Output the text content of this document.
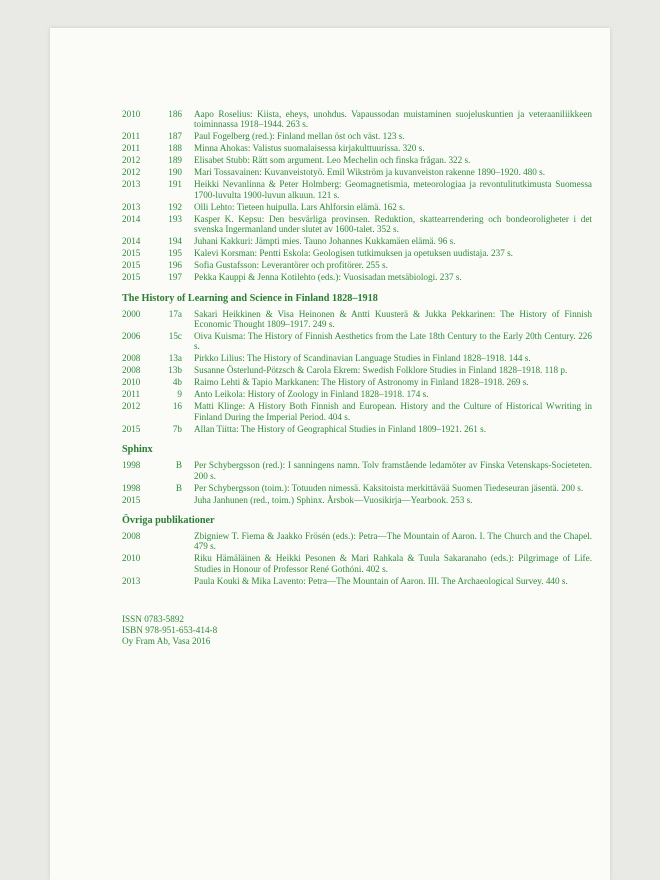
2010	186	Aapo Roselius: Kiista, eheys, unohdus. Vapaussodan muistaminen suojeluskuntien ja veteraaniliikkeen toiminnassa 1918–1944. 263 s.
2011	187	Paul Fogelberg (red.): Finland mellan öst och väst. 123 s.
2011	188	Minna Ahokas: Valistus suomalaisessa kirjakulttuurissa. 320 s.
2012	189	Elisabet Stubb: Rätt som argument. Leo Mechelin och finska frågan. 322 s.
2012	190	Mari Tossavainen: Kuvanveistotyö. Emil Wikström ja kuvanveiston rakenne 1890–1920. 480 s.
2013	191	Heikki Nevanlinna & Peter Holmberg: Geomagnetismia, meteorologiaa ja revontulitutkimusta Suomessa 1700-luvulta 1900-luvun alkuun. 121 s.
2013	192	Olli Lehto: Tieteen huipulla. Lars Ahlforsin elämä. 162 s.
2014	193	Kasper K. Kepsu: Den besvärliga provinsen. Reduktion, skattearrendering och bondeoroligheter i det svenska Ingermanland under slutet av 1600-talet. 352 s.
2014	194	Juhani Kakkuri: Jämpti mies. Tauno Johannes Kukkamäen elämä. 96 s.
2015	195	Kalevi Korsman: Pentti Eskola: Geologisen tutkimuksen ja opetuksen uudistaja. 237 s.
2015	196	Sofia Gustafsson: Leverantörer och profitörer. 255 s.
2015	197	Pekka Kauppi & Jenna Kotilehto (eds.): Vuosisadan metsäbiologi. 237 s.
The History of Learning and Science in Finland 1828–1918
2000	17a	Sakari Heikkinen & Visa Heinonen & Antti Kuusterä & Jukka Pekkarinen: The History of Finnish Economic Thought 1809–1917. 249 s.
2006	15c	Oiva Kuisma: The History of Finnish Aesthetics from the Late 18th Century to the Early 20th Century. 226 s.
2008	13a	Pirkko Lilius: The History of Scandinavian Language Studies in Finland 1828–1918. 144 s.
2008	13b	Susanne Österlund-Pötzsch & Carola Ekrem: Swedish Folklore Studies in Finland 1828–1918. 118 p.
2010	4b	Raimo Lehti & Tapio Markkanen: The History of Astronomy in Finland 1828–1918. 269 s.
2011	9	Anto Leikola: History of Zoology in Finland 1828–1918. 174 s.
2012	16	Matti Klinge: A History Both Finnish and European. History and the Culture of Historical Wwriting in Finland During the Imperial Period. 404 s.
2015	7b	Allan Tiitta: The History of Geographical Studies in Finland 1809–1921. 261 s.
Sphinx
1998	B	Per Schybergsson (red.): I sanningens namn. Tolv framstående ledamöter av Finska Vetenskaps-Societeten. 200 s.
1998	B	Per Schybergsson (toim.): Totuuden nimessä. Kaksitoista merkittävää Suomen Tiedeseuran jäsentä. 200 s.
2015	Juha Janhunen (red., toim.) Sphinx. Årsbok—Vuosikirja—Yearbook. 253 s.
Övriga publikationer
2008	Zbigniew T. Fiema & Jaakko Frösén (eds.): Petra—The Mountain of Aaron. I. The Church and the Chapel. 479 s.
2010	Riku Hämäläinen & Heikki Pesonen & Mari Rahkala & Tuula Sakaranaho (eds.): Pilgrimage of Life. Studies in Honour of Professor René Gothóni. 402 s.
2013	Paula Kouki & Mika Lavento: Petra—The Mountain of Aaron. III. The Archaeological Survey. 440 s.
ISSN 0783-5892
ISBN 978-951-653-414-8
Oy Fram Ab, Vasa 2016
